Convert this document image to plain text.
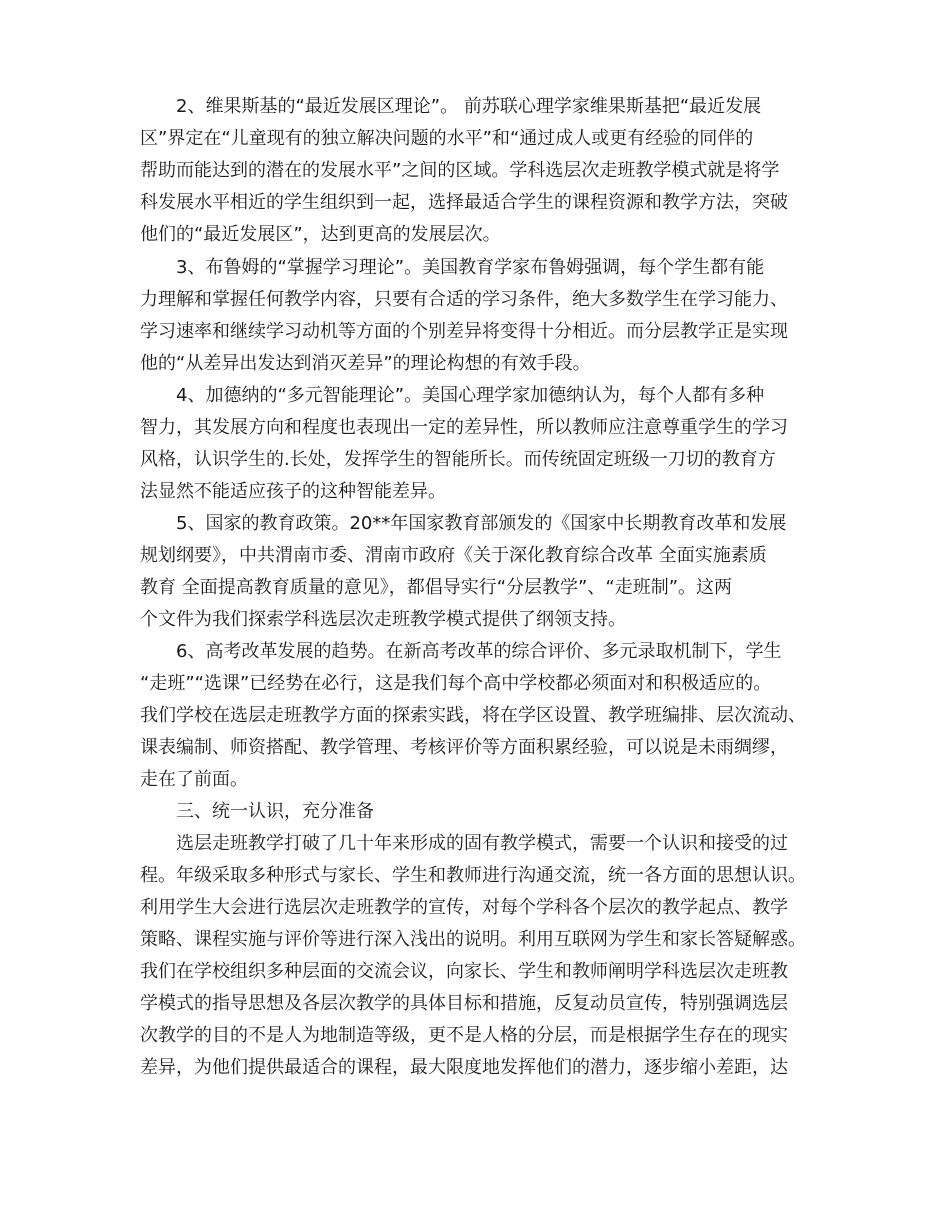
2、维果斯基的“最近发展区理论”。 前苏联心理学家维果斯基把“最近发展
区”界定在“儿童现有的独立解决问题的水平”和“通过成人或更有经验的同伴的
帮助而能达到的潜在的发展水平”之间的区域。学科选层次走班教学模式就是将学
科发展水平相近的学生组织到一起，选择最适合学生的课程资源和教学方法，突破
他们的“最近发展区”，达到更高的发展层次。
3、布鲁姆的“掌握学习理论”。美国教育学家布鲁姆强调，每个学生都有能
力理解和掌握任何教学内容，只要有合适的学习条件，绝大多数学生在学习能力、
学习速率和继续学习动机等方面的个别差异将变得十分相近。而分层教学正是实现
他的“从差异出发达到消灭差异”的理论构想的有效手段。
4、加德纳的“多元智能理论”。美国心理学家加德纳认为，每个人都有多种
智力，其发展方向和程度也表现出一定的差异性，所以教师应注意尊重学生的学习
风格，认识学生的.长处，发挥学生的智能所长。而传统固定班级一刀切的教育方
法显然不能适应孩子的这种智能差异。
5、国家的教育政策。20**年国家教育部颁发的《国家中长期教育改革和发展
规划纲要》，中共渭南市委、渭南市政府《关于深化教育综合改革 全面实施素质
教育 全面提高教育质量的意见》，都倡导实行“分层教学”、“走班制”。这两
个文件为我们探索学科选层次走班教学模式提供了纲领支持。
6、高考改革发展的趋势。在新高考改革的综合评价、多元录取机制下，学生
“走班”“选课”已经势在必行，这是我们每个高中学校都必须面对和积极适应的。
我们学校在选层走班教学方面的探索实践，将在学区设置、教学班编排、层次流动、
课表编制、师资搭配、教学管理、考核评价等方面积累经验，可以说是未雨绸缪，
走在了前面。
三、统一认识，充分准备
选层走班教学打破了几十年来形成的固有教学模式，需要一个认识和接受的过
程。年级采取多种形式与家长、学生和教师进行沟通交流，统一各方面的思想认识。
利用学生大会进行选层次走班教学的宣传，对每个学科各个层次的教学起点、教学
策略、课程实施与评价等进行深入浅出的说明。利用互联网为学生和家长答疑解惑。
我们在学校组织多种层面的交流会议，向家长、学生和教师阐明学科选层次走班教
学模式的指导思想及各层次教学的具体目标和措施，反复动员宣传，特别强调选层
次教学的目的不是人为地制造等级，更不是人格的分层，而是根据学生存在的现实
差异，为他们提供最适合的课程，最大限度地发挥他们的潜力，逐步缩小差距，达
